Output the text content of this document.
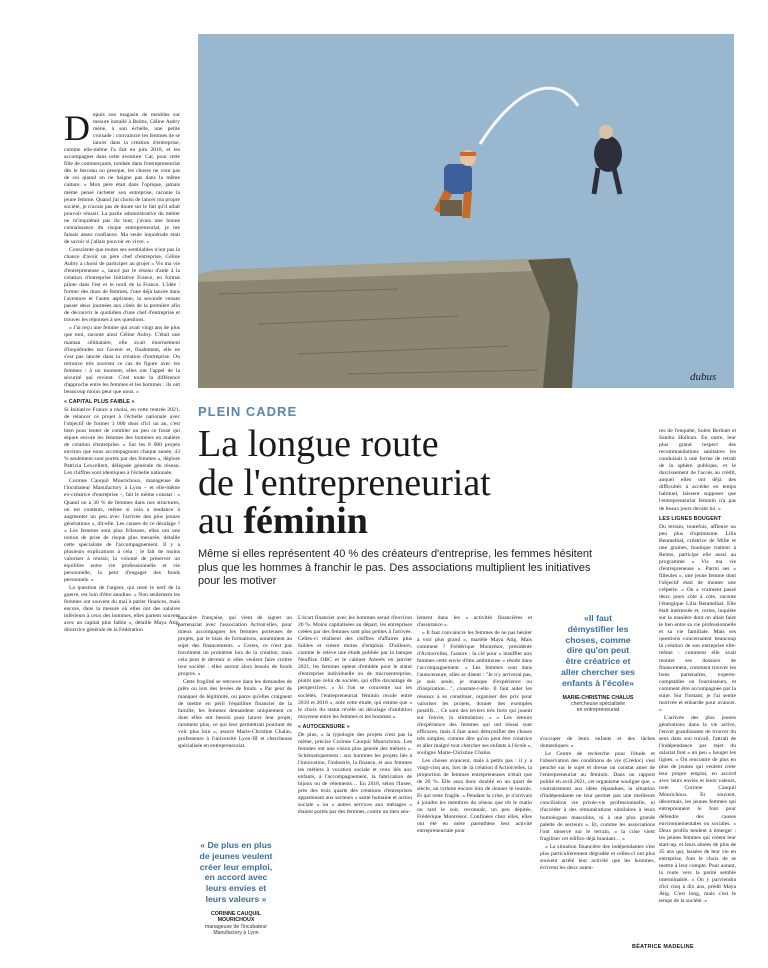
dubus
D epuis son magasin de meubles sur mesure installé à Reims, Céline Aubry mène, à son échelle, une petite croisade : convaincre les femmes de se lancer dans la création d'entreprise, comme elle-même l'a fait en juin 2018, et les accompagner dans cette aventure. Car, pour cette fille de commerçants, tombée dans l'entrepreneuriat dès le berceau ou presque, les choses ne vont pas de soi quand on ne baigne pas dans la même culture. « Mon père était dans l'optique, jamais même pensé racheter son entreprise, raconte la jeune femme. Quand j'ai choisi de lancer ma propre société, je n'avais pas de doute sur le fait qu'il allait pouvoir réussir. La partie administrative du métier ne m'inquiétait pas du tout, j'avais une bonne connaissance du risque entrepreneurial, je me faisais assez confiance. Ma seule inquiétude était de savoir si j'allais pouvoir en vivre. »

Consciente que toutes ses semblables n'ont pas la chance d'avoir un père chef d'entreprise, Céline Aubry a choisi de participer au projet « Vis ma vie d'entrepreneuse », lancé par le réseau d'aide à la création d'entreprise Initiative France, en format pilote dans l'est et le nord de la France. L'idée : former des duos de femmes, l'une déjà lancée dans l'aventure et l'autre aspirante, la seconde venant passer deux journées aux côtés de la première afin de découvrir le quotidien d'une chef d'entreprise et trouver les réponses à ses questions.

« J'ai reçu une femme qui avait vingt ans de plus que moi, raconte ainsi Céline Aubry. C'était une maman célibataire, elle avait énormément d'inquiétudes sur l'avenir et, finalement, elle ne s'est pas lancée dans la création d'entreprise. On retrouve très souvent ce cas de figure avec les femmes : à un moment, elles ont l'appel de la sécurité qui revient. C'est toute la différence d'approche entre les femmes et les hommes : ils ont beaucoup moins peur que nous. »

« CAPITAL PLUS FAIBLE »

Si Initiative France a choisi, en cette rentrée 2021, de relancer ce projet à l'échelle nationale avec l'objectif de former 1 000 duos d'ici un an, c'est bien pour tenter de combler un peu ce fossé qui sépare encore les femmes des hommes en matière de création d'entreprise. « Sur les 8 000 projets environ que nous accompagnons chaque année, 43 % seulement sont portés par des femmes », déplore Patricia Lexcellent, déléguée générale du réseau. Les chiffres sont identiques à l'échelle nationale.

Corinne Cauquil Mourichoux, manageuse de l'incubateur Manufactory à Lyon – et elle-même ex-créatrice d'entreprise –, fait le même constat : « Quand on a 30 % de femmes dans nos structures, on est contents, même si cela a tendance à augmenter un peu avec l'arrivée des plus jeunes générations », dit-elle. Les causes de ce décalage ? « Les femmes sont plus frileuses, elles ont une notion de prise de risque plus mesurée, détaille cette spécialiste de l'accompagnement. Il y a plusieurs explications à cela : le fait de moins valoriser à réussir, la volonté de préserver un équilibre entre vie professionnelle et vie personnelle, la peur d'engager des fonds personnels. »

La question de l'argent, qui reste le nerf de la guerre, est loin d'être anodine. « Non seulement les femmes ont souvent du mal à parler finances, mais encore, dans la mesure où elles ont des salaires inférieurs à ceux des hommes, elles partent souvent avec un capital plus faible », détaille Maya Atig, directrice générale de la Fédération

PLEIN CADRE
La longue route
de l'entrepreneuriat
au féminin
Même si elles représentent 40 % des créateurs d'entreprise, les femmes hésitent plus que les hommes à franchir le pas. Des associations multiplient les initiatives pour les motiver

bancaire française, qui vient de signer un partenariat avec l'association Action'elles, pour mieux accompagner les femmes porteuses de projets, par le biais de formations, notamment au sujet des financements. « Certes, ce n'est pas forcément un problème lors de la création, mais cela peut le devenir si elles veulent faire croître leur société : elles auront alors besoin de fonds propres. »

Cette fragilité se retrouve dans les demandes de prêts ou lors des levées de fonds. « Par peur de manquer de légitimité, ou parce qu'elles craignent de mettre en péril l'équilibre financier de la famille, les femmes demandent uniquement ce dont elles ont besoin pour lancer leur projet, rarement plus, ce qui leur permettrait pourtant de voir plus loin », assure Marie-Christine Chalus, professeure à l'université Lyon-III et chercheuse spécialisée en entrepreneuriat.

« De plus en plus
de jeunes veulent
créer leur emploi,
en accord avec
leurs envies et
leurs valeurs »
CORINNE CAUQUIL
MOURICHOUX
manageuse de l'incubateur
Manufactory à Lyon

L'écart financier avec les hommes serait d'environ 20 %. Moins capitalisées au départ, les entreprises créées par des femmes sont plus petites à l'arrivée. Celles-ci réalisent des chiffres d'affaires plus faibles et créent moins d'emplois. D'ailleurs, comme le relève une étude publiée par la banque Neuflize OBC et le cabinet Asterès en janvier 2021, les femmes optent d'emblée pour le statut d'entreprise individuelle ou de microentreprise, plutôt que celui de société, qui offre davantage de perspectives. « Si l'on se concentre sur les sociétés, l'entrepreneuriat féminin recule entre 2010 et 2018 », note cette étude, qui estime que « le choix du statut révèle un décalage d'ambition moyenne entre les femmes et les hommes ».

« AUTOCENSURE »

De plus, « la typologie des projets n'est pas la même, précise Corinne Cauquil Mourichoux. Les femmes ont une vision plus genrée des métiers ». Schématiquement : aux hommes les projets liés à l'innovation, l'industrie, la finance, et aux femmes les métiers à vocation sociale et ceux liés aux enfants, à l'accompagnement, la fabrication de bijoux ou de vêtements… En 2018, selon l'Insee, près des trois quarts des créations d'entreprises appartenant aux secteurs « santé humaine et action sociale » ou « autres services aux ménages » étaient portés par des femmes, contre un tiers seu-

lement dans les « activités financières et d'assurance ».

« Il faut convaincre les femmes de ne pas hésiter à voir plus grand », martèle Maya Atig. Mais comment ? Frédérique Montrésor, présidente d'Action'elles, l'assure : la clé pour « insuffler aux femmes cette envie d'être ambitieuse » réside dans l'accompagnement. « Les femmes sont dans l'autocensure, elles se disent : "Je n'y arriverai pas, je suis seule, je manque d'expérience ou d'inspiration…", constate-t-elle. Il faut aider les réseaux à se constituer, organiser des prix pour valoriser les projets, donner des exemples positifs… Ce sont des leviers très forts qui jouent sur l'envie, la stimulation. » « Les retours d'expérience des femmes qui ont réussi sont efficaces, mais il faut aussi démystifier des choses très simples, comme dire qu'on peut être créatrice et aller malgré tout chercher ses enfants à l'école », souligne Marie-Christine Chalus.

Les choses avancent, mais à petits pas : il y a vingt-cinq ans, lors de la création d'Action'elles, la proportion de femmes entrepreneuses n'était que de 20 %. Elle aura donc doublé en un quart de siècle, un rythme encore loin de donner le tournis. Et qui reste fragile. « Pendant la crise, je n'arrivais à joindre les membres du réseau que tôt le matin ou tard le soir, reconnaît, un peu dépitée, Frédérique Montrésor. Confinées chez elles, elles ont été en mère parenthèse leur activité entrepreneuriale pour

«Il faut
démystifier les
choses, comme
dire qu'on peut
être créatrice et
aller chercher ses
enfants à l'école»
MARIE-CHRISTINE CHALUS
chercheuse spécialisée
en entrepreneuriat

s'occuper de leurs enfants et des tâches domestiques. »

Le Centre de recherche pour l'étude et l'observation des conditions de vie (Crédoc) s'est penché sur le sujet et dresse un constat amer de l'entrepreneuriat au féminin. Dans un rapport publié en avril 2021, cet organisme souligne que, « contrairement aux idées répandues, la situation d'indépendante ne leur permet pas une meilleure conciliation vie privée-vie professionnelle, ni d'accéder à des rémunérations similaires à leurs homologues masculins, ni à une plus grande palette de secteurs ». Et, comme les associations l'ont observé sur le terrain, « la crise vient fragiliser cet édifice déjà branlant… »

« La situation financière des indépendantes s'est plus particulièrement dégradée et celles-ci ont plus souvent arrêté leur activité que les hommes, écrivent les deux auteu-

res de l'enquête, Solen Berhuet et Sandra Hoibian. En outre, leur plus grand respect des recommandations sanitaires les conduisait à une forme de retrait de la sphère publique, et le durcissement de l'accès au crédit, auquel elles ont déjà des difficultés à accéder en temps habituel, laissent supposer que l'entrepreneuriat féminin n'a pas de beaux jours devant lui. »

LES LIGNES BOUGENT

Du terrain, toutefois, affleure un peu plus d'optimisme. Lilia Benmelhal, créatrice de Mille et une graines, boutique traiteur à Reims, participe elle aussi au programme « Vis ma vie d'entrepreneuse ». Parmi ses « filleules », une jeune femme dont l'objectif était de monter une crêperie. « On a vraiment passé deux jours côte à côte, raconte l'énergique Lilia Benmelhal. Elle était intéressée et, certes, inquiète sur la manière dont on allait faire le lien entre sa vie professionnelle et sa vie familiale. Mais ses questions concernaient beaucoup la création de son entreprise elle-même : comment elle avait monter ses dossiers de financement, comment trouver les bons partenaires, experts-comptables ou fournisseurs, et comment être accompagnée par la suite. Sur l'instant, je l'ai sentie motivée et enhardie pour avancer. »

L'arrivée des plus jeunes générations dans la vie active, l'envie grandissante de trouver du sens dans son travail, l'attrait de l'indépendance par rejet du salariat font « un peu » bouger les lignes. « On rencontre de plus en plus de jeunes qui veulent créer leur propre emploi, en accord avec leurs envies et leurs valeurs, note Corinne Cauquil Mourichoux. Et souvent, désormais, les jeunes femmes qui entreprennent le font pour défendre des causes environnementales ou sociales. » Deux profils tendent à émerger : les jeunes femmes qui créent leur start-up, et leurs aînées de plus de 45 ans qui, lassées de leur vie en entreprise, font le choix de se mettre à leur compte. Pour autant, la route vers la parité semble interminable. « On y parviendra d'ici cinq à dix ans, prédit Maya Atig. C'est long, mais c'est le temps de la société. »

BÉATRICE MADELINE
